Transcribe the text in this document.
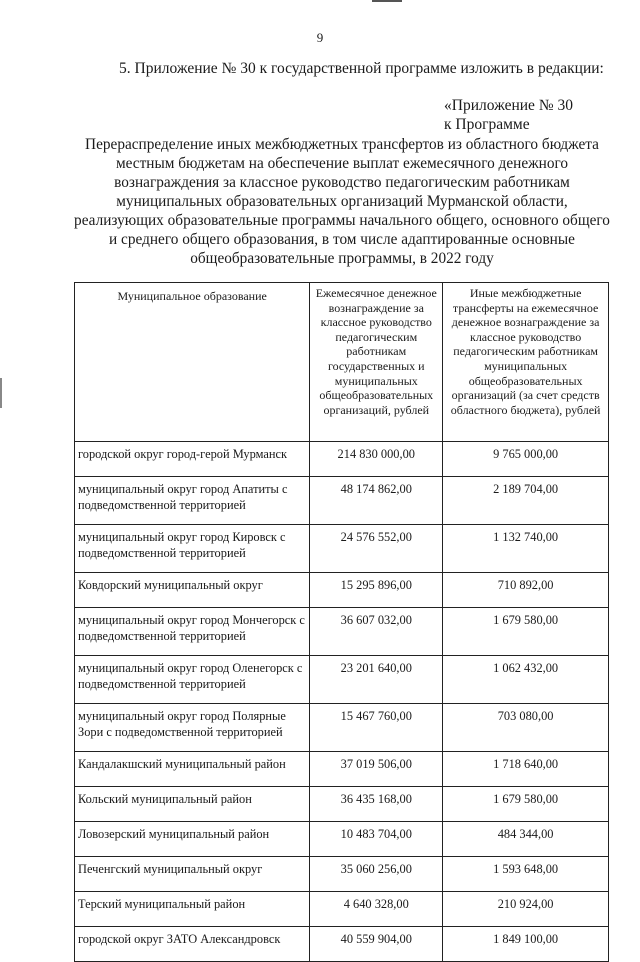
9
5. Приложение № 30 к государственной программе изложить в редакции:
«Приложение № 30
к Программе
Перераспределение иных межбюджетных трансфертов из областного бюджета местным бюджетам на обеспечение выплат ежемесячного денежного вознаграждения за классное руководство педагогическим работникам муниципальных образовательных организаций Мурманской области, реализующих образовательные программы начального общего, основного общего и среднего общего образования, в том числе адаптированные основные общеобразовательные программы, в 2022 году
Муниципальное образование	Ежемесячное денежное вознаграждение за классное руководство педагогическим работникам государственных и муниципальных общеобразовательных организаций, рублей	Иные межбюджетные трансферты на ежемесячное денежное вознаграждение за классное руководство педагогическим работникам муниципальных общеобразовательных организаций (за счет средств областного бюджета), рублей
городской округ город-герой Мурманск	214 830 000,00	9 765 000,00
муниципальный округ город Апатиты с подведомственной территорией	48 174 862,00	2 189 704,00
муниципальный округ город Кировск с подведомственной территорией	24 576 552,00	1 132 740,00
Ковдорский муниципальный округ	15 295 896,00	710 892,00
муниципальный округ город Мончегорск с подведомственной территорией	36 607 032,00	1 679 580,00
муниципальный округ город Оленегорск с подведомственной территорией	23 201 640,00	1 062 432,00
муниципальный округ город Полярные Зори с подведомственной территорией	15 467 760,00	703 080,00
Кандалакшский муниципальный район	37 019 506,00	1 718 640,00
Кольский муниципальный район	36 435 168,00	1 679 580,00
Ловозерский муниципальный район	10 483 704,00	484 344,00
Печенгский муниципальный округ	35 060 256,00	1 593 648,00
Терский муниципальный район	4 640 328,00	210 924,00
городской округ ЗАТО Александровск	40 559 904,00	1 849 100,00
